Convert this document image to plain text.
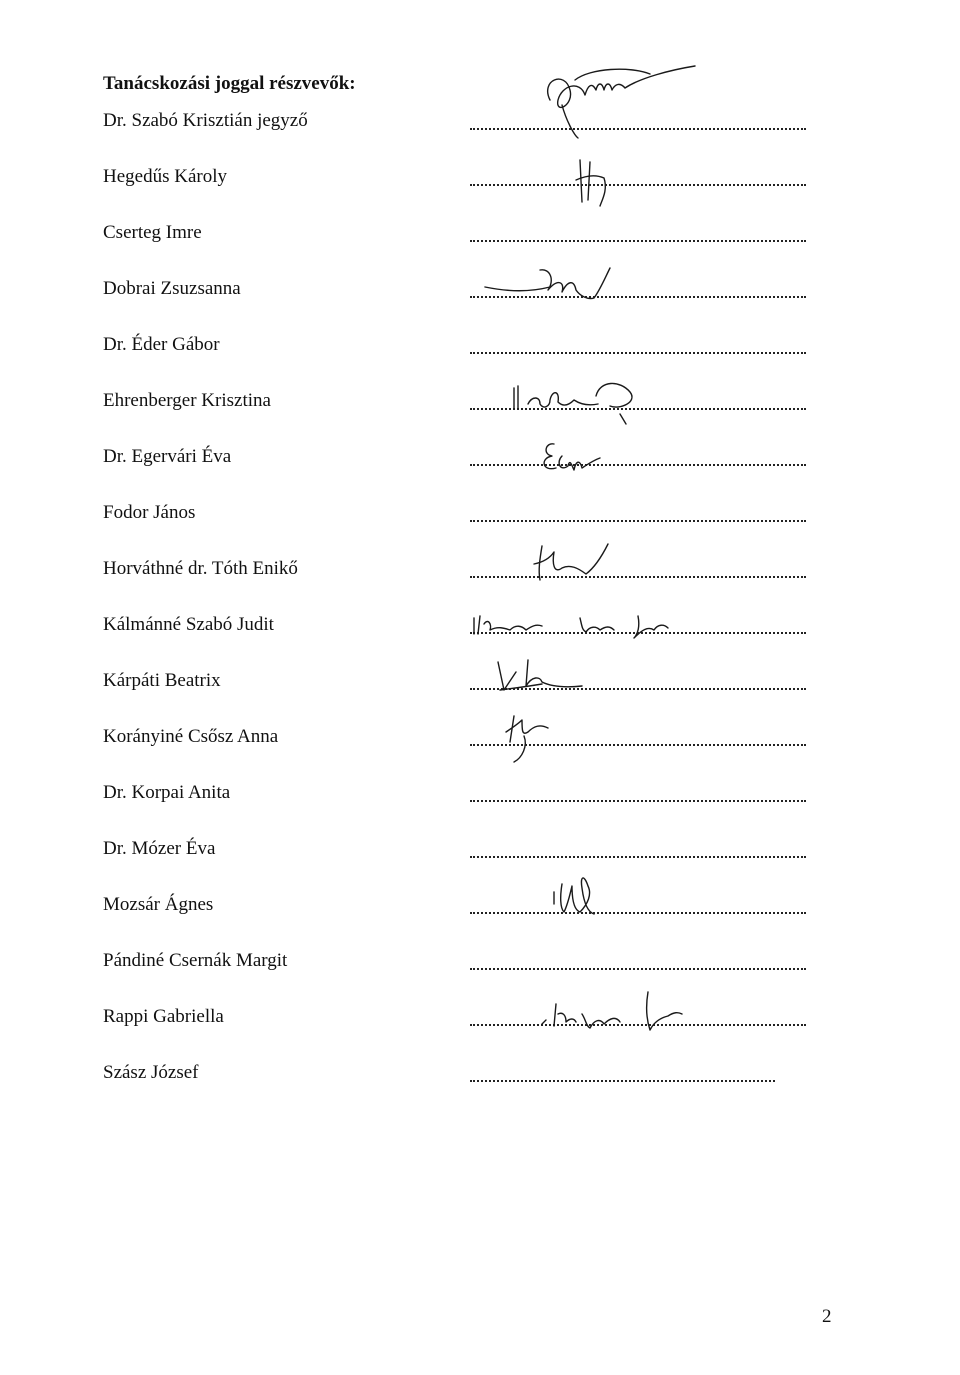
Tanácskozási joggal részvevők:
Dr. Szabó Krisztián jegyző
Hegedűs Károly
Cserteg Imre
Dobrai Zsuzsanna
Dr. Éder Gábor
Ehrenberger Krisztina
Dr. Egervári Éva
Fodor János
Horváthné dr. Tóth Enikő
Kálmánné Szabó Judit
Kárpáti Beatrix
Korányiné Csősz Anna
Dr. Korpai Anita
Dr. Mózer Éva
Mozsár Ágnes
Pándiné Csernák Margit
Rappi Gabriella
Szász József
2
